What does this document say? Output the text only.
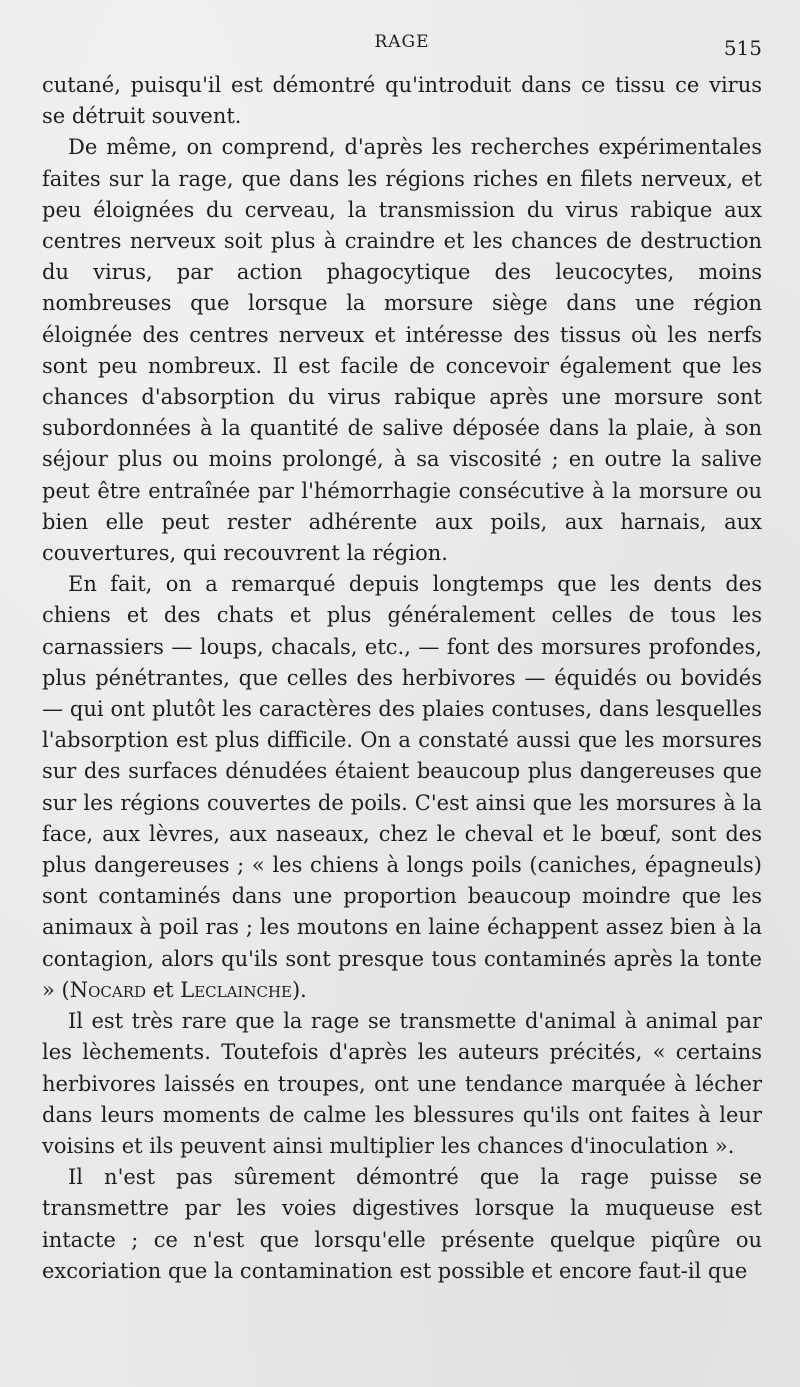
RAGE	515

cutané, puisqu'il est démontré qu'introduit dans ce tissu ce virus se détruit souvent.

De même, on comprend, d'après les recherches expérimentales faites sur la rage, que dans les régions riches en filets nerveux, et peu éloignées du cerveau, la transmission du virus rabique aux centres nerveux soit plus à craindre et les chances de destruction du virus, par action phagocytique des leucocytes, moins nombreuses que lorsque la morsure siège dans une région éloignée des centres nerveux et intéresse des tissus où les nerfs sont peu nombreux. Il est facile de concevoir également que les chances d'absorption du virus rabique après une morsure sont subordonnées à la quantité de salive déposée dans la plaie, à son séjour plus ou moins prolongé, à sa viscosité ; en outre la salive peut être entraînée par l'hémorrhagie consécutive à la morsure ou bien elle peut rester adhérente aux poils, aux harnais, aux couvertures, qui recouvrent la région.

En fait, on a remarqué depuis longtemps que les dents des chiens et des chats et plus généralement celles de tous les carnassiers — loups, chacals, etc., — font des morsures profondes, plus pénétrantes, que celles des herbivores — équidés ou bovidés — qui ont plutôt les caractères des plaies contuses, dans lesquelles l'absorption est plus difficile. On a constaté aussi que les morsures sur des surfaces dénudées étaient beaucoup plus dangereuses que sur les régions couvertes de poils. C'est ainsi que les morsures à la face, aux lèvres, aux naseaux, chez le cheval et le bœuf, sont des plus dangereuses ; « les chiens à longs poils (caniches, épagneuls) sont contaminés dans une proportion beaucoup moindre que les animaux à poil ras ; les moutons en laine échappent assez bien à la contagion, alors qu'ils sont presque tous contaminés après la tonte » (Nocard et Leclainche).

Il est très rare que la rage se transmette d'animal à animal par les lèchements. Toutefois d'après les auteurs précités, « certains herbivores laissés en troupes, ont une tendance marquée à lécher dans leurs moments de calme les blessures qu'ils ont faites à leur voisins et ils peuvent ainsi multiplier les chances d'inoculation ».

Il n'est pas sûrement démontré que la rage puisse se transmettre par les voies digestives lorsque la muqueuse est intacte ; ce n'est que lorsqu'elle présente quelque piqûre ou excoriation que la contamination est possible et encore faut-il que
